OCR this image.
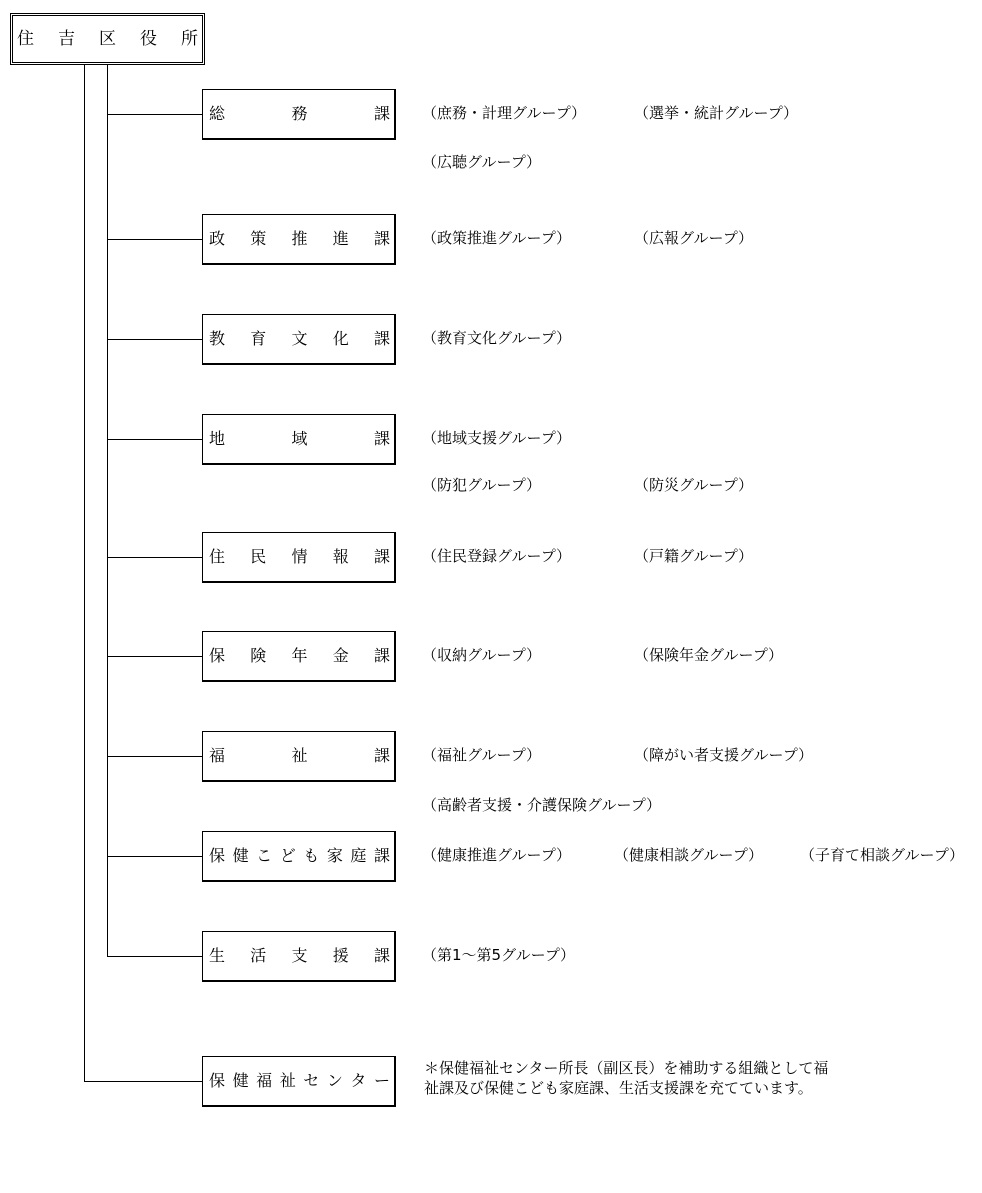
住 吉 区 役 所
総	務	課 （庶務・計理グループ）	（選挙・統計グループ）
（広聴グループ）
政 策 推 進 課 （政策推進グループ）	（広報グループ）
教 育 文 化 課 （教育文化グループ）
地	域	課 （地域支援グループ）
（防犯グループ）	（防災グループ）
住 民 情 報 課 （住民登録グループ）	（戸籍グループ）
保 険 年 金 課 （収納グループ）	（保険年金グループ）
福	祉	課 （福祉グループ）	（障がい者支援グループ）
（高齢者支援・介護保険グループ）
保 健 こ ど も 家 庭 課 （健康推進グループ）	（健康相談グループ） （子育て相談グループ）
生 活 支 援 課 （第1～第5グループ）
保 健 福 祉 セ ン タ ー
＊保健福祉センター所長（副区長）を補助する組織として福祉課及び保健こども家庭課、生活支援課を充てています。
